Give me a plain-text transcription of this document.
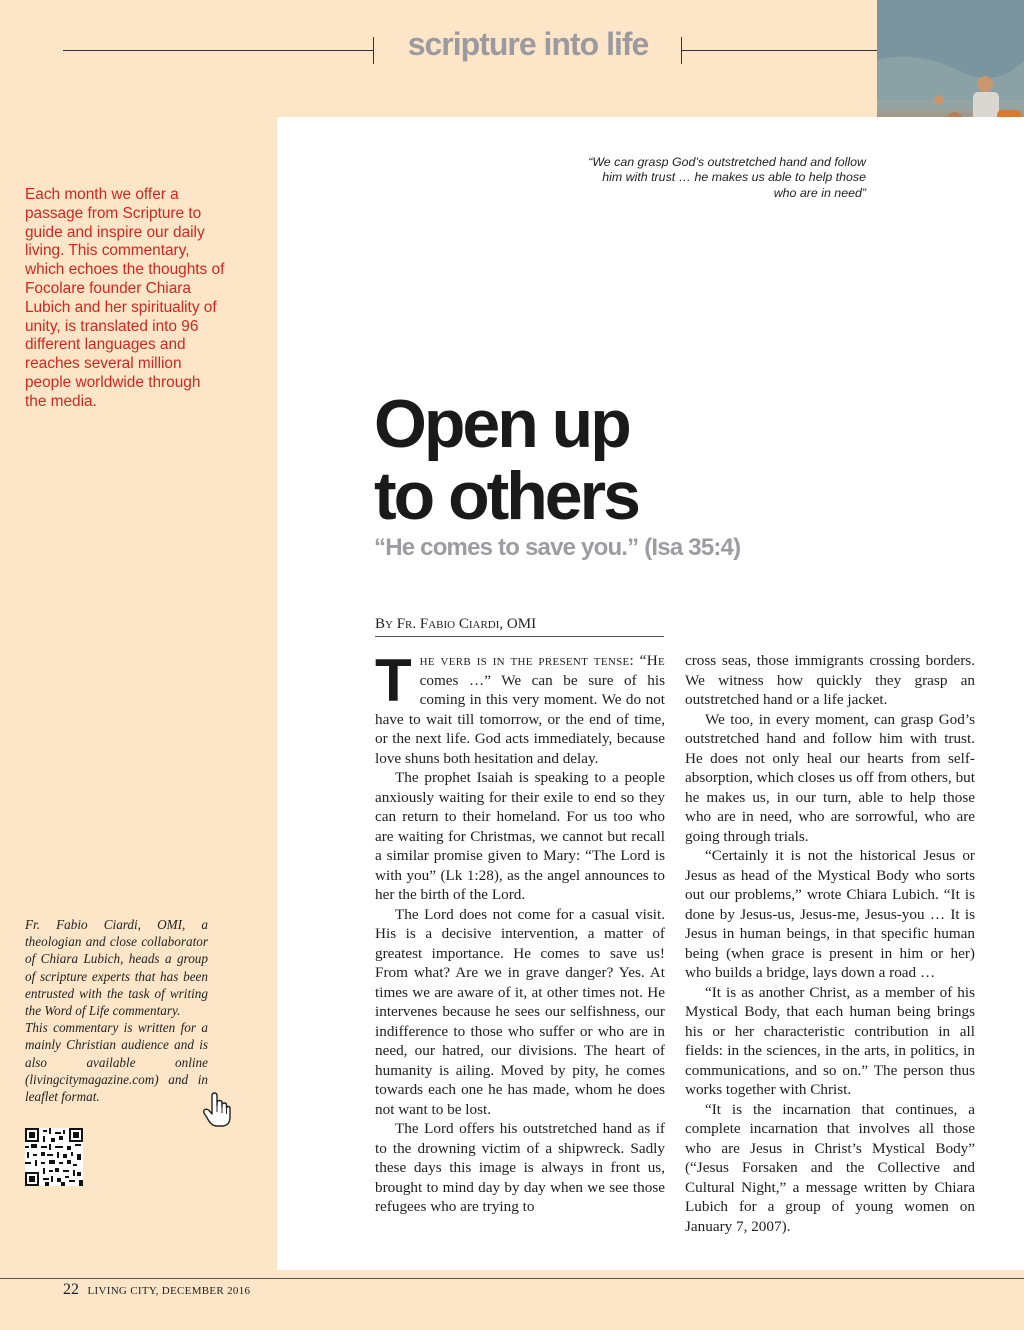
scripture into life
Each month we offer a passage from Scripture to guide and inspire our daily living. This commentary, which echoes the thoughts of Focolare founder Chiara Lubich and her spirituality of unity, is translated into 96 different languages and reaches several million people worldwide through the media.
“We can grasp God’s outstretched hand and follow him with trust … he makes us able to help those who are in need”
Open up
to others
“He comes to save you.” (Isa 35:4)
By Fr. Fabio Ciardi, OMI

The verb is in the present tense: “He comes …” We can be sure of his coming in this very moment. We do not have to wait till tomorrow, or the end of time, or the next life. God acts immediately, because love shuns both hesitation and delay.

The prophet Isaiah is speaking to a people anxiously waiting for their exile to end so they can return to their homeland. For us too who are waiting for Christmas, we cannot but recall a similar promise given to Mary: “The Lord is with you” (Lk 1:28), as the angel announces to her the birth of the Lord.

The Lord does not come for a casual visit. His is a decisive intervention, a matter of greatest importance. He comes to save us! From what? Are we in grave danger? Yes. At times we are aware of it, at other times not. He intervenes because he sees our selfishness, our indifference to those who suffer or who are in need, our hatred, our divisions. The heart of humanity is ailing. Moved by pity, he comes towards each one he has made, whom he does not want to be lost.

The Lord offers his outstretched hand as if to the drowning victim of a shipwreck. Sadly these days this image is always in front us, brought to mind day by day when we see those refugees who are trying to

cross seas, those immigrants crossing borders. We witness how quickly they grasp an outstretched hand or a life jacket.

We too, in every moment, can grasp God’s outstretched hand and follow him with trust. He does not only heal our hearts from self-absorption, which closes us off from others, but he makes us, in our turn, able to help those who are in need, who are sorrowful, who are going through trials.

“Certainly it is not the historical Jesus or Jesus as head of the Mystical Body who sorts out our problems,” wrote Chiara Lubich. “It is done by Jesus-us, Jesus-me, Jesus-you … It is Jesus in human beings, in that specific human being (when grace is present in him or her) who builds a bridge, lays down a road …

“It is as another Christ, as a member of his Mystical Body, that each human being brings his or her characteristic contribution in all fields: in the sciences, in the arts, in politics, in communications, and so on.” The person thus works together with Christ.

“It is the incarnation that continues, a complete incarnation that involves all those who are Jesus in Christ’s Mystical Body” (“Jesus Forsaken and the Collective and Cultural Night,” a message written by Chiara Lubich for a group of young women on January 7, 2007).

Fr. Fabio Ciardi, OMI, a theologian and close collaborator of Chiara Lubich, heads a group of scripture experts that has been entrusted with the task of writing the Word of Life commentary.

This commentary is written for a mainly Christian audience and is also available online (livingcitymagazine.com) and in leaflet format.

22 LIVING CITY, DECEMBER 2016
